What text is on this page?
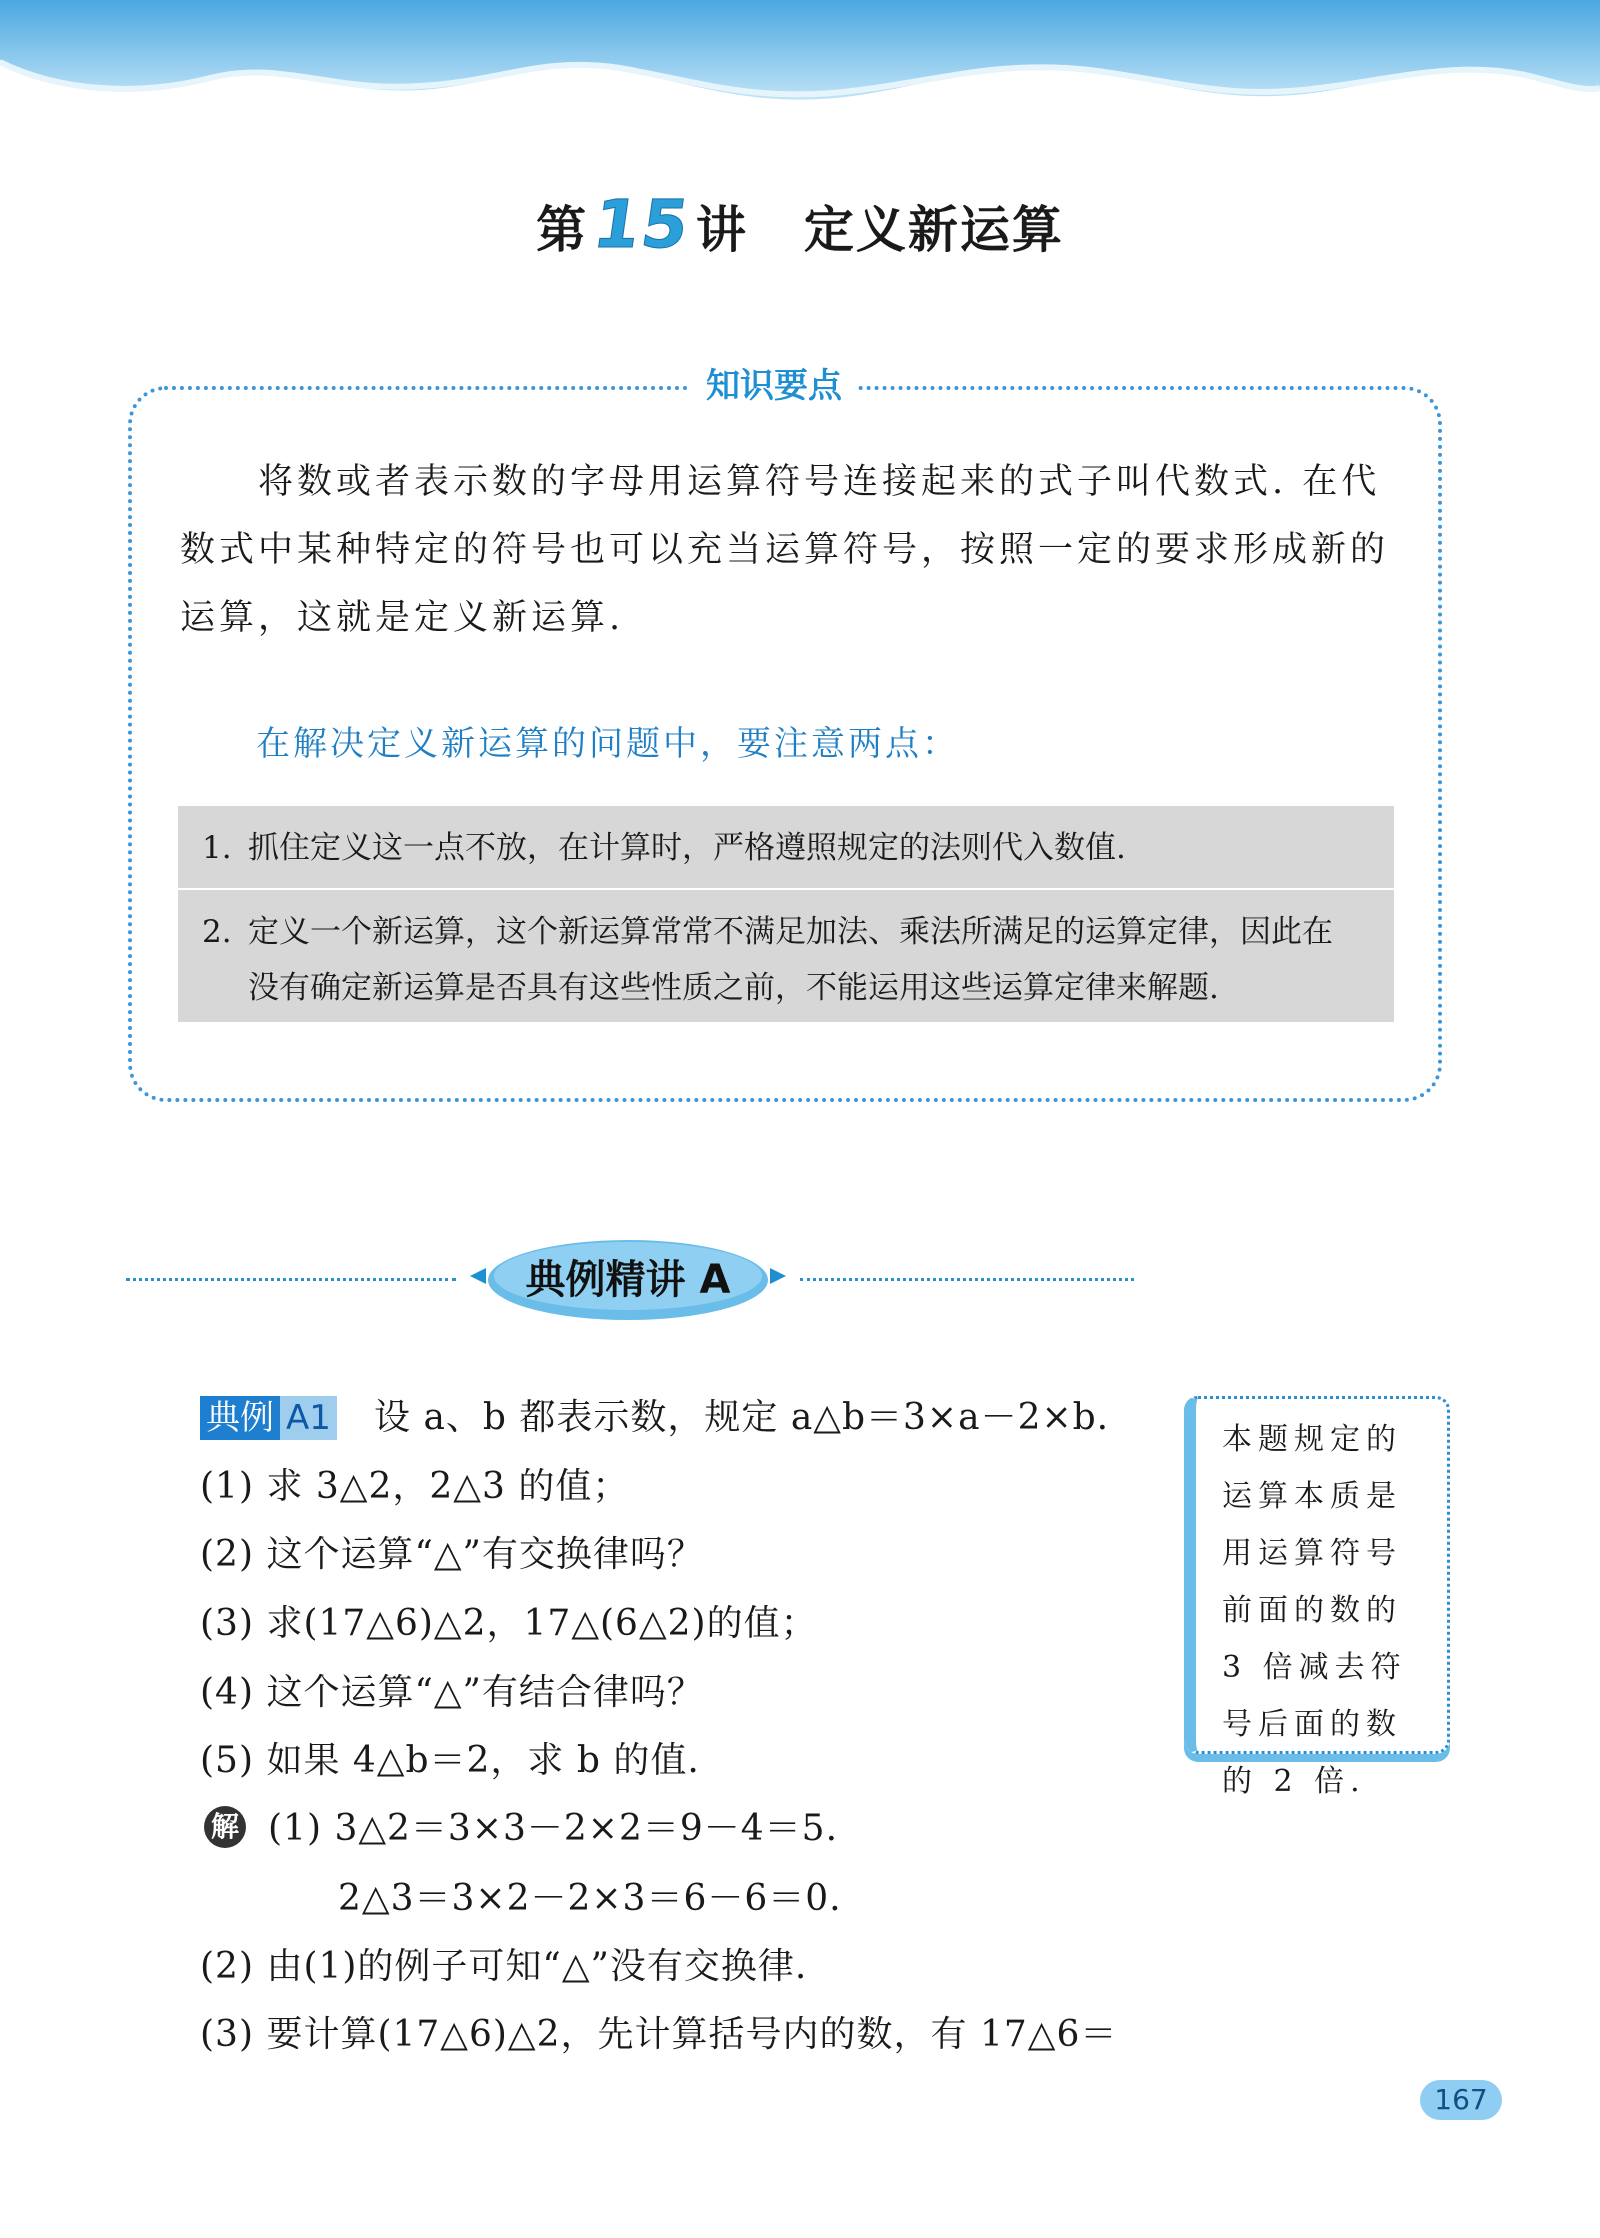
第15讲 定义新运算
知识要点
将数或者表示数的字母用运算符号连接起来的式子叫代数式. 在代数式中某种特定的符号也可以充当运算符号，按照一定的要求形成新的运算，这就是定义新运算.
在解决定义新运算的问题中，要注意两点：
1. 抓住定义这一点不放，在计算时，严格遵照规定的法则代入数值.
2. 定义一个新运算，这个新运算常常不满足加法、乘法所满足的运算定律，因此在
没有确定新运算是否具有这些性质之前，不能运用这些运算定律来解题.
典例精讲 A
典例 A1 设 a、b 都表示数，规定 a△b＝3×a－2×b.
(1) 求 3△2，2△3 的值；
(2) 这个运算“△”有交换律吗？
(3) 求(17△6)△2，17△(6△2)的值；
(4) 这个运算“△”有结合律吗？
(5) 如果 4△b＝2，求 b 的值.
解 (1) 3△2＝3×3－2×2＝9－4＝5.
2△3＝3×2－2×3＝6－6＝0.
(2) 由(1)的例子可知“△”没有交换律.
(3) 要计算(17△6)△2，先计算括号内的数，有 17△6＝
本题规定的运算本质是用运算符号前面的数的 3 倍减去符号后面的数的 2 倍.
167
